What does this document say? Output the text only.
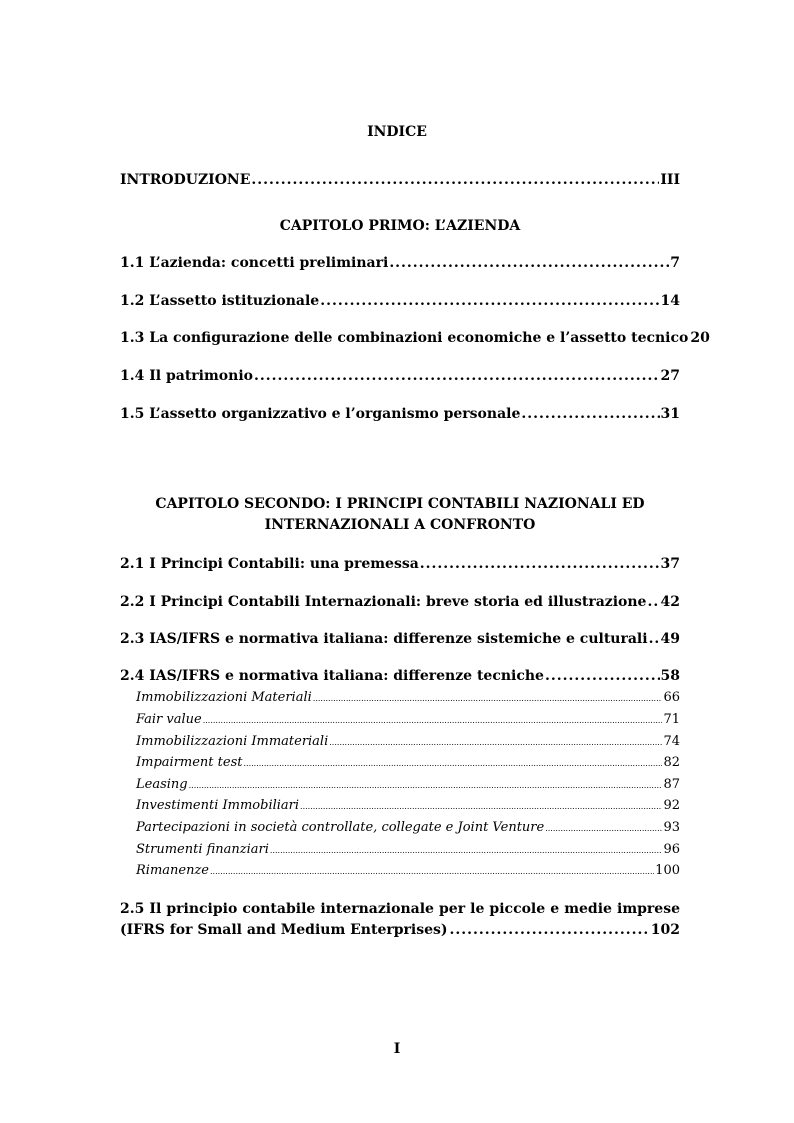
INDICE
INTRODUZIONE .....	III
CAPITOLO PRIMO: L’AZIENDA
1.1 L’azienda: concetti preliminari .....	7
1.2 L’assetto istituzionale .....	14
1.3 La configurazione delle combinazioni economiche e l’assetto tecnico 20
1.4 Il patrimonio .....	27
1.5 L’assetto organizzativo e l’organismo personale .....	31
CAPITOLO SECONDO: I PRINCIPI CONTABILI NAZIONALI ED
INTERNAZIONALI A CONFRONTO
2.1 I Principi Contabili: una premessa .....	37
2.2 I Principi Contabili Internazionali: breve storia ed illustrazione ..... 42
2.3 IAS/IFRS e normativa italiana: differenze sistemiche e culturali ..... 49
2.4 IAS/IFRS e normativa italiana: differenze tecniche .....	58
Immobilizzazioni Materiali .....	66
Fair value .....	71
Immobilizzazioni Immateriali .....	74
Impairment test .....	82
Leasing .....	87
Investimenti Immobiliari .....	92
Partecipazioni in società controllate, collegate e Joint Venture .....	93
Strumenti finanziari .....	96
Rimanenze .....	100
2.5 Il principio contabile internazionale per le piccole e medie imprese
(IFRS for Small and Medium Enterprises) .....	102
I
